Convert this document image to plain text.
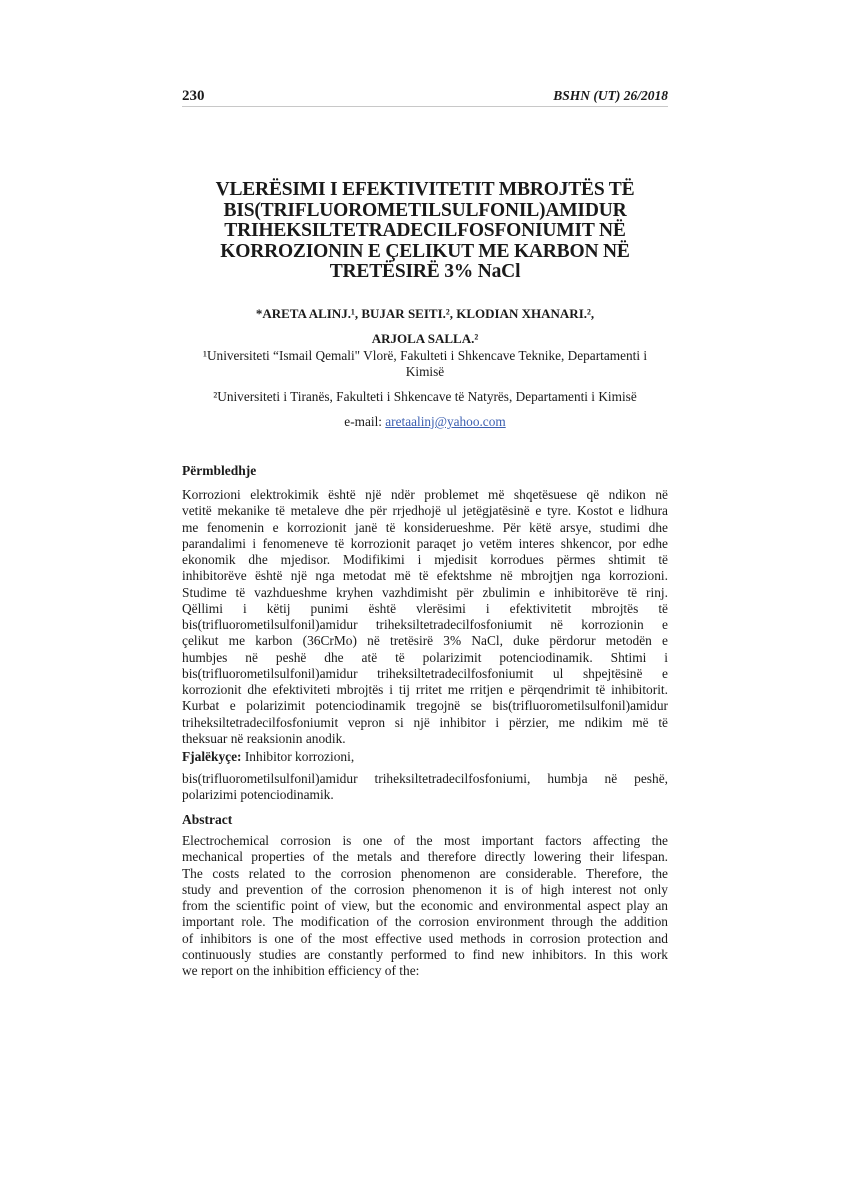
230	BSHN (UT) 26/2018
VLERËSIMI I EFEKTIVITETIT MBROJTËS TË
BIS(TRIFLUOROMETILSULFONIL)AMIDUR
TRIHEKSILTETRADECILFOSFONIUMIT NË
KORROZIONIN E ÇELIKUT ME KARBON NË
TRETËSIRË 3% NaCl
*ARETA ALINJ.¹, BUJAR SEITI.², KLODIAN XHANARI.²,
ARJOLA SALLA.²
¹Universiteti “Ismail Qemali" Vlorë, Fakulteti i Shkencave Teknike, Departamenti i
Kimisë
²Universiteti i Tiranës, Fakulteti i Shkencave të Natyrës, Departamenti i Kimisë
e-mail: aretaalinj@yahoo.com
Përmbledhje
Korrozioni elektrokimik është një ndër problemet më shqetësuese që ndikon në
vetitë mekanike të metaleve dhe për rrjedhojë ul jetëgjatësinë e tyre. Kostot e lidhura
me fenomenin e korrozionit janë të konsiderueshme. Për këtë arsye, studimi dhe
parandalimi i fenomeneve të korrozionit paraqet jo vetëm interes shkencor, por edhe
ekonomik dhe mjedisor. Modifikimi i mjedisit korrodues përmes shtimit të
inhibitorëve është një nga metodat më të efektshme në mbrojtjen nga korrozioni.
Studime të vazhdueshme kryhen vazhdimisht për zbulimin e inhibitorëve të rinj.
Qëllimi i këtij punimi është vlerësimi i efektivitetit mbrojtës të
bis(trifluorometilsulfonil)amidur triheksiltetradecilfosfoniumit në korrozionin e
çelikut me karbon (36CrMo) në tretësirë 3% NaCl, duke përdorur metodën e
humbjes në peshë dhe atë të polarizimit potenciodinamik. Shtimi i
bis(trifluorometilsulfonil)amidur triheksiltetradecilfosfoniumit ul shpejtësinë e
korrozionit dhe efektiviteti mbrojtës i tij rritet me rritjen e përqendrimit të inhibitorit.
Kurbat e polarizimit potenciodinamik tregojnë se bis(trifluorometilsulfonil)amidur
triheksiltetradecilfosfoniumit vepron si një inhibitor i përzier, me ndikim më të
theksuar në reaksionin anodik.
Fjalëkyçe: Inhibitor korrozioni,
bis(trifluorometilsulfonil)amidur triheksiltetradecilfosfoniumi, humbja në peshë,
polarizimi potenciodinamik.
Abstract
Electrochemical corrosion is one of the most important factors affecting the
mechanical properties of the metals and therefore directly lowering their lifespan.
The costs related to the corrosion phenomenon are considerable. Therefore, the
study and prevention of the corrosion phenomenon it is of high interest not only
from the scientific point of view, but the economic and environmental aspect play an
important role. The modification of the corrosion environment through the addition
of inhibitors is one of the most effective used methods in corrosion protection and
continuously studies are constantly performed to find new inhibitors. In this work
we report on the inhibition efficiency of the:
